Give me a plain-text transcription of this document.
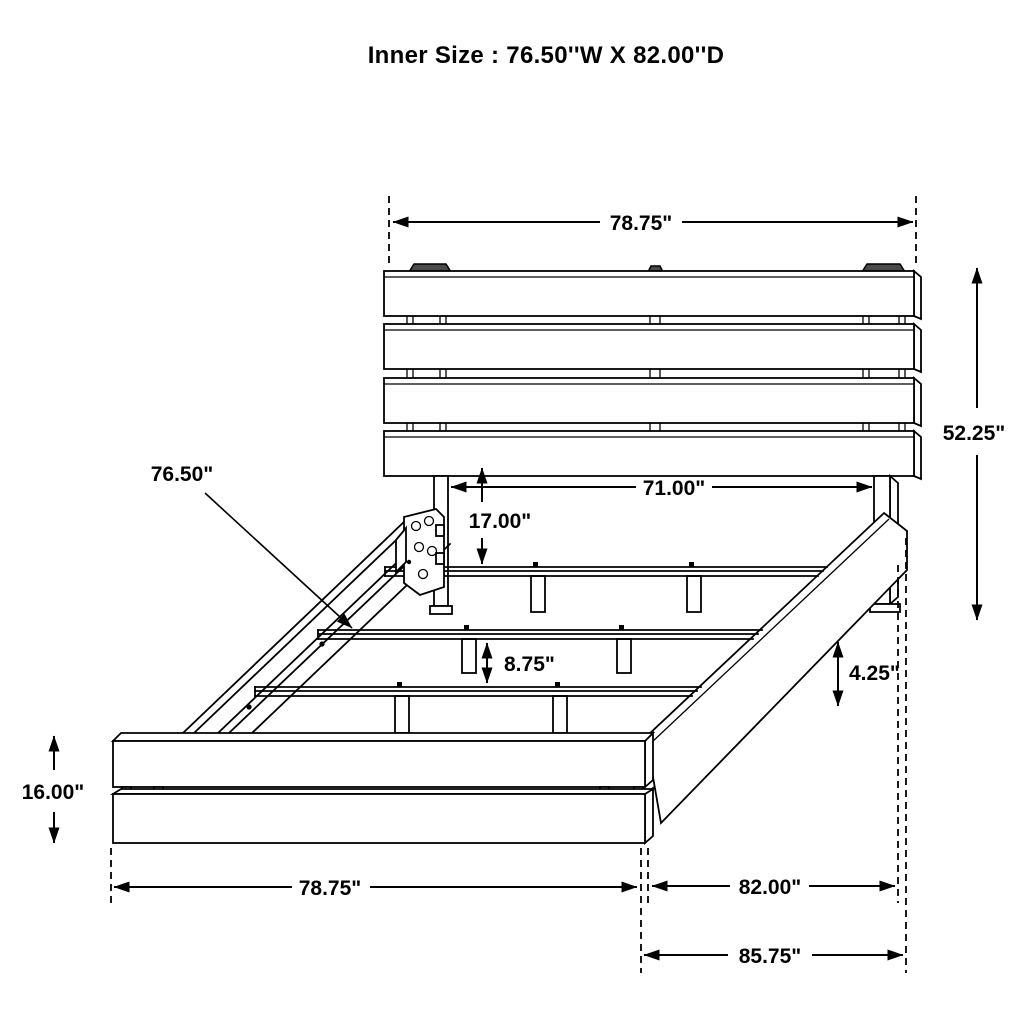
Inner Size : 76.50''W X 82.00''D
78.75"
52.25"
71.00"
17.00"
76.50"
8.75"	4.25"
16.00"
78.75"	82.00"
85.75"
